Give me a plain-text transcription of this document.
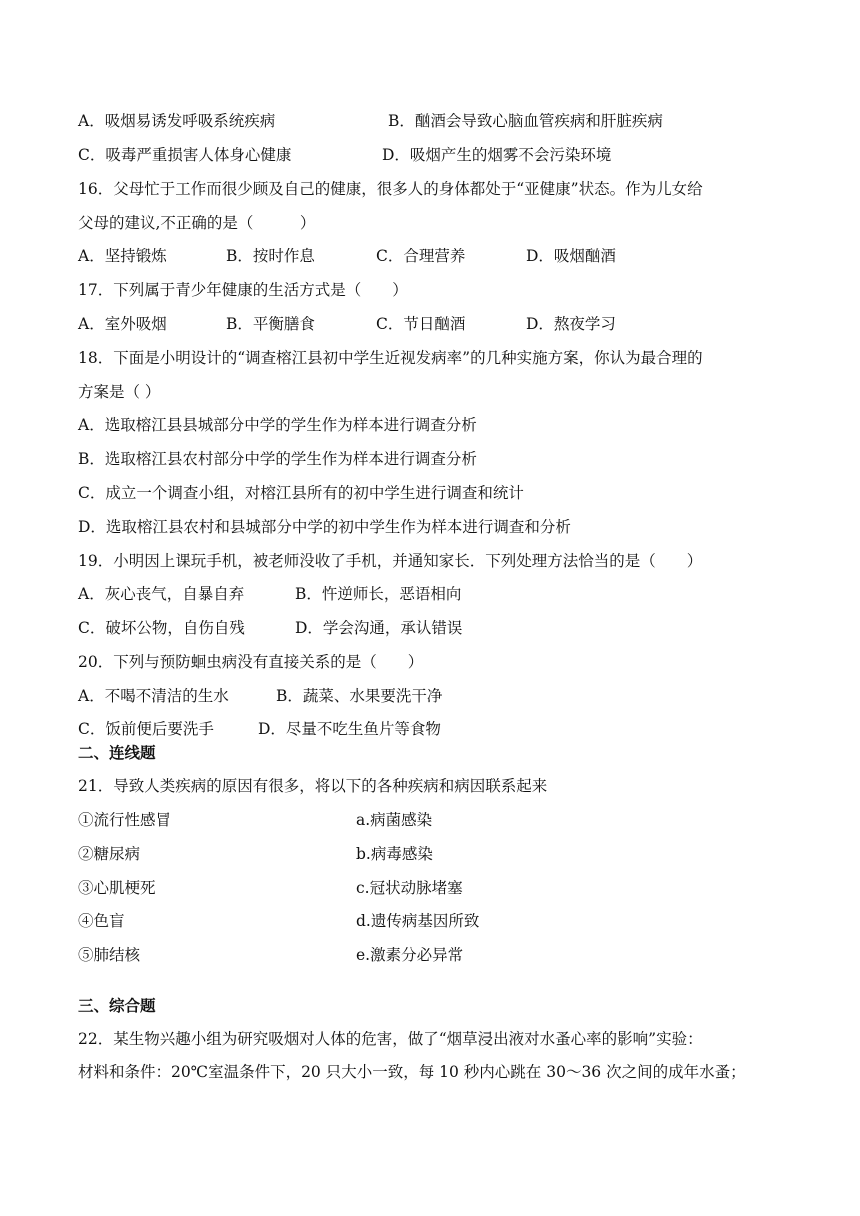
A．吸烟易诱发呼吸系统疾病	B．酗酒会导致心脑血管疾病和肝脏疾病
C．吸毒严重损害人体身心健康	D．吸烟产生的烟雾不会污染环境
16．父母忙于工作而很少顾及自己的健康，很多人的身体都处于“亚健康”状态。作为儿女给
父母的建议,不正确的是（　　　）
A．坚持锻炼	B．按时作息	C．合理营养	D．吸烟酗酒
17．下列属于青少年健康的生活方式是（　　）
A．室外吸烟	B．平衡膳食	C．节日酗酒	D．熬夜学习
18．下面是小明设计的“调查榕江县初中学生近视发病率”的几种实施方案，你认为最合理的
方案是（ ）
A．选取榕江县县城部分中学的学生作为样本进行调查分析
B．选取榕江县农村部分中学的学生作为样本进行调查分析
C．成立一个调查小组，对榕江县所有的初中学生进行调查和统计
D．选取榕江县农村和县城部分中学的初中学生作为样本进行调查和分析
19．小明因上课玩手机，被老师没收了手机，并通知家长．下列处理方法恰当的是（　　）
A．灰心丧气，自暴自弃	B．忤逆师长，恶语相向
C．破坏公物，自伤自残	D．学会沟通，承认错误
20．下列与预防蛔虫病没有直接关系的是（　　）
A．不喝不清洁的生水	B．蔬菜、水果要洗干净
C．饭前便后要洗手	D．尽量不吃生鱼片等食物
二、连线题
21．导致人类疾病的原因有很多，将以下的各种疾病和病因联系起来
①流行性感冒	a.病菌感染
②糖尿病	b.病毒感染
③心肌梗死	c.冠状动脉堵塞
④色盲	d.遗传病基因所致
⑤肺结核	e.激素分必异常
三、综合题
22．某生物兴趣小组为研究吸烟对人体的危害，做了“烟草浸出液对水蚤心率的影响”实验：
材料和条件：20℃室温条件下，20 只大小一致，每 10 秒内心跳在 30～36 次之间的成年水蚤；
